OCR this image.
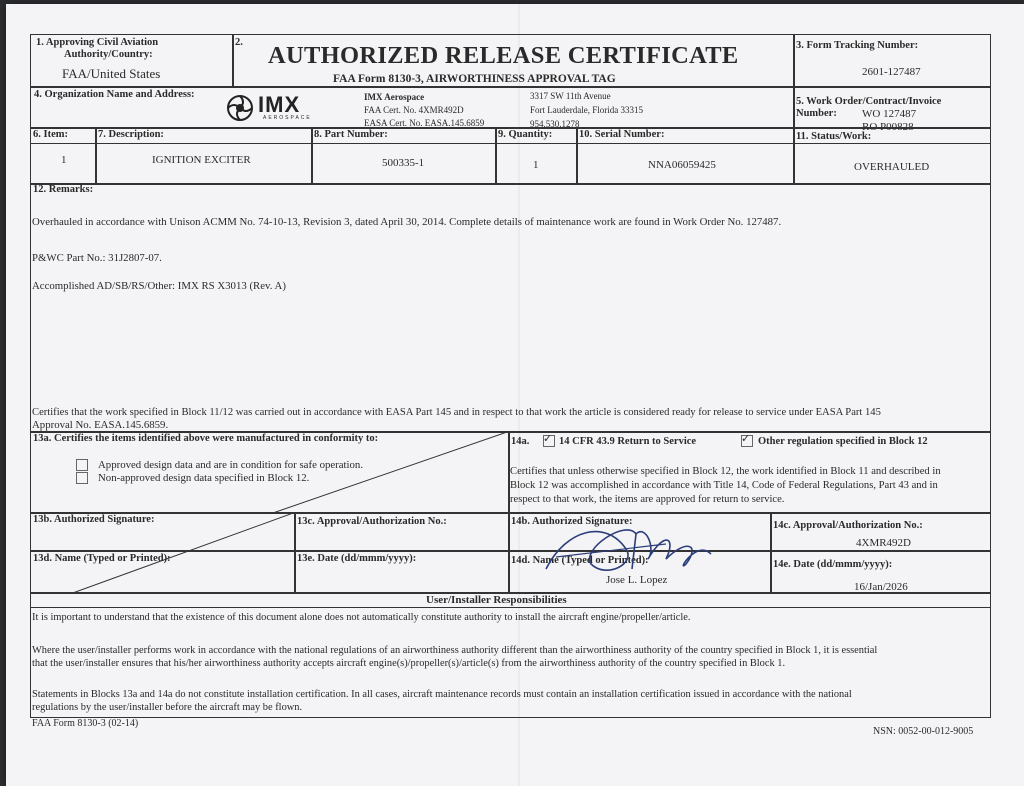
1. Approving Civil Aviation
Authority/Country:
FAA/United States
2. AUTHORIZED RELEASE CERTIFICATE
FAA Form 8130-3, AIRWORTHINESS APPROVAL TAG
3. Form Tracking Number:
2601-127487
4. Organization Name and Address:	IMX
AEROSPACE
IMX Aerospace
FAA Cert. No. 4XMR492D
EASA Cert. No. EASA.145.6859
3317 SW 11th Avenue
Fort Lauderdale, Florida 33315
954.530.1278
5. Work Order/Contract/Invoice
Number: WO 127487
RO P00828
6. Item:	7. Description:	8. Part Number:	9. Quantity:	10. Serial Number:	11. Status/Work:
1	IGNITION EXCITER	500335-1	1	NNA06059425	OVERHAULED
12. Remarks:
Overhauled in accordance with Unison ACMM No. 74-10-13, Revision 3, dated April 30, 2014. Complete details of maintenance work are found in Work Order No. 127487.
P&WC Part No.: 31J2807-07.
Accomplished AD/SB/RS/Other: IMX RS X3013 (Rev. A)
Certifies that the work specified in Block 11/12 was carried out in accordance with EASA Part 145 and in respect to that work the article is considered ready for release to service under EASA Part 145
Approval No. EASA.145.6859.
13a. Certifies the items identified above were manufactured in conformity to:
Approved design data and are in condition for safe operation.
Non-approved design data specified in Block 12.
14a. ✓ 14 CFR 43.9 Return to Service	✓ Other regulation specified in Block 12
Certifies that unless otherwise specified in Block 12, the work identified in Block 11 and described in
Block 12 was accomplished in accordance with Title 14, Code of Federal Regulations, Part 43 and in
respect to that work, the items are approved for return to service.
13b. Authorized Signature:	13c. Approval/Authorization No.:	14b. Authorized Signature:	14c. Approval/Authorization No.:
4XMR492D
13d. Name (Typed or Printed):	13e. Date (dd/mmm/yyyy):	14d. Name (Typed or Printed):
Jose L. Lopez
14e. Date (dd/mmm/yyyy):
16/Jan/2026
User/Installer Responsibilities
It is important to understand that the existence of this document alone does not automatically constitute authority to install the aircraft engine/propeller/article.
Where the user/installer performs work in accordance with the national regulations of an airworthiness authority different than the airworthiness authority of the country specified in Block 1, it is essential
that the user/installer ensures that his/her airworthiness authority accepts aircraft engine(s)/propeller(s)/article(s) from the airworthiness authority of the country specified in Block 1.
Statements in Blocks 13a and 14a do not constitute installation certification. In all cases, aircraft maintenance records must contain an installation certification issued in accordance with the national
regulations by the user/installer before the aircraft may be flown.
FAA Form 8130-3 (02-14)
NSN: 0052-00-012-9005
